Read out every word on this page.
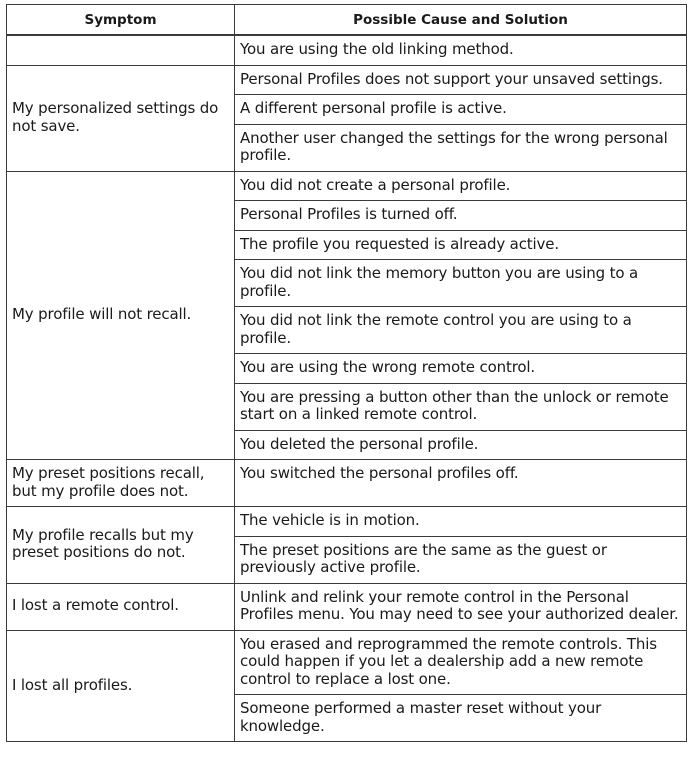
Symptom	Possible Cause and Solution
	You are using the old linking method.
My personalized settings do not save.	Personal Profiles does not support your unsaved settings.
	A different personal profile is active.
	Another user changed the settings for the wrong personal profile.
My profile will not recall.	You did not create a personal profile.
	Personal Profiles is turned off.
	The profile you requested is already active.
	You did not link the memory button you are using to a profile.
	You did not link the remote control you are using to a profile.
	You are using the wrong remote control.
	You are pressing a button other than the unlock or remote start on a linked remote control.
	You deleted the personal profile.
My preset positions recall, but my profile does not.	You switched the personal profiles off.
My profile recalls but my preset positions do not.	The vehicle is in motion.
	The preset positions are the same as the guest or previously active profile.
I lost a remote control.	Unlink and relink your remote control in the Personal Profiles menu. You may need to see your authorized dealer.
I lost all profiles.	You erased and reprogrammed the remote controls. This could happen if you let a dealership add a new remote control to replace a lost one.
	Someone performed a master reset without your knowledge.
